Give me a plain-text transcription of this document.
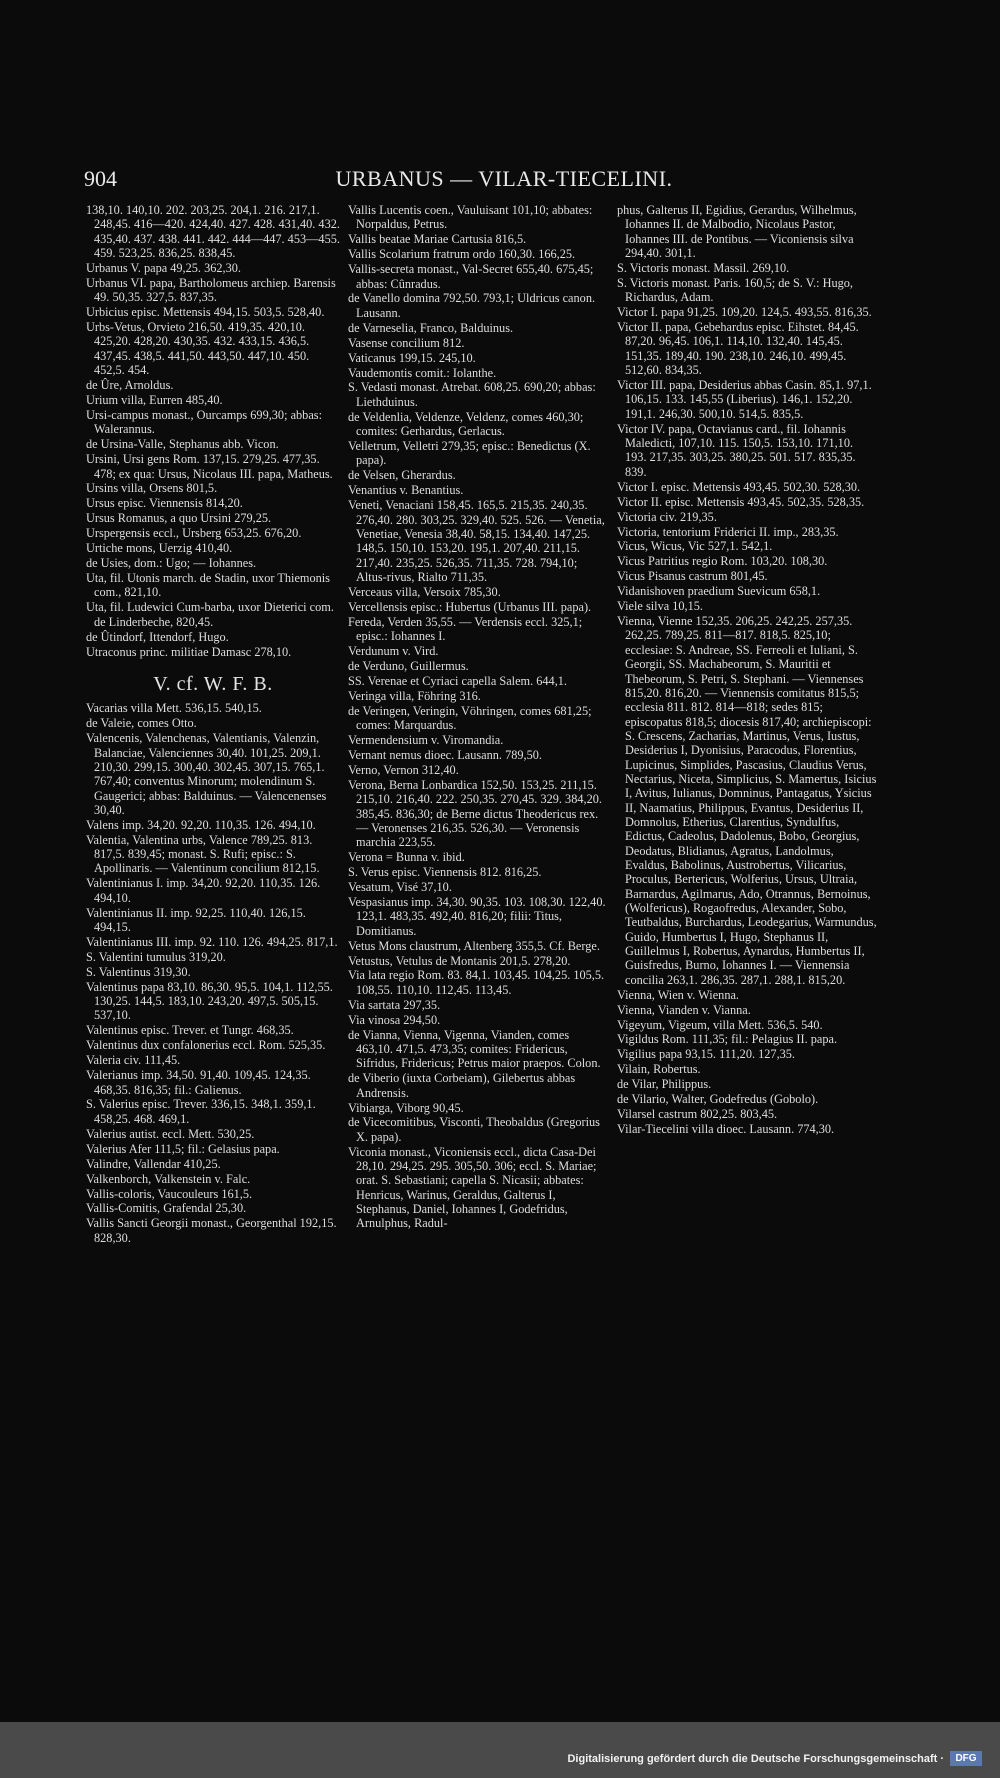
904	URBANUS — VILAR-TIECELINI.
138,10. 140,10. 202. 203,25. 204,1. 216. 217,1. 248,45. 416—420. 424,40. 427. 428. 431,40. 432. 435,40. 437. 438. 441. 442. 444—447. 453—455. 459. 523,25. 836,25. 838,45.
Urbanus V. papa 49,25. 362,30.
Urbanus VI. papa, Bartholomeus archiep. Barensis 49. 50,35. 327,5. 837,35.
Urbicius episc. Mettensis 494,15. 503,5. 528,40.
Urbs-Vetus, Orvieto 216,50. 419,35. 420,10. 425,20. 428,20. 430,35. 432. 433,15. 436,5. 437,45. 438,5. 441,50. 443,50. 447,10. 450. 452,5. 454.
de Ûre, Arnoldus.
Urium villa, Eurren 485,40.
Ursi-campus monast., Ourcamps 699,30; abbas: Walerannus.
de Ursina-Valle, Stephanus abb. Vicon.
Ursini, Ursi gens Rom. 137,15. 279,25. 477,35. 478; ex qua: Ursus, Nicolaus III. papa, Matheus.
Ursins villa, Orsens 801,5.
Ursus episc. Viennensis 814,20.
Ursus Romanus, a quo Ursini 279,25.
Urspergensis eccl., Ursberg 653,25. 676,20.
Urtiche mons, Uerzig 410,40.
de Usies, dom.: Ugo; — Iohannes.
Uta, fil. Utonis march. de Stadin, uxor Thiemonis com., 821,10.
Uta, fil. Ludewici Cum-barba, uxor Dieterici com. de Linderbeche, 820,45.
de Ûtindorf, Ittendorf, Hugo.
Utraconus princ. militiae Damasc 278,10.
V. cf. W. F. B.
Vacarias villa Mett. 536,15. 540,15.
de Valeie, comes Otto.
Valencenis, Valenchenas, Valentianis, Valenzin, Balanciae, Valenciennes 30,40. 101,25. 209,1. 210,30. 299,15. 300,40. 302,45. 307,15. 765,1. 767,40; conventus Minorum; molendinum S. Gaugerici; abbas: Balduinus. — Valencenenses 30,40.
Valens imp. 34,20. 92,20. 110,35. 126. 494,10.
Valentia, Valentina urbs, Valence 789,25. 813. 817,5. 839,45; monast. S. Rufi; episc.: S. Apollinaris. — Valentinum concilium 812,15.
Valentinianus I. imp. 34,20. 92,20. 110,35. 126. 494,10.
Valentinianus II. imp. 92,25. 110,40. 126,15. 494,15.
Valentinianus III. imp. 92. 110. 126. 494,25. 817,1.
S. Valentini tumulus 319,20.
S. Valentinus 319,30.
Valentinus papa 83,10. 86,30. 95,5. 104,1. 112,55. 130,25. 144,5. 183,10. 243,20. 497,5. 505,15. 537,10.
Valentinus episc. Trever. et Tungr. 468,35.
Valentinus dux confalonerius eccl. Rom. 525,35.
Valeria civ. 111,45.
Valerianus imp. 34,50. 91,40. 109,45. 124,35. 468,35. 816,35; fil.: Galienus.
S. Valerius episc. Trever. 336,15. 348,1. 359,1. 458,25. 468. 469,1.
Valerius autist. eccl. Mett. 530,25.
Valerius Afer 111,5; fil.: Gelasius papa.
Valindre, Vallendar 410,25.
Valkenborch, Valkenstein v. Falc.
Vallis-coloris, Vaucouleurs 161,5.
Vallis-Comitis, Grafendal 25,30.
Vallis Sancti Georgii monast., Georgenthal 192,15. 828,30.
Vallis Lucentis coen., Vauluisant 101,10; abbates: Norpaldus, Petrus.
Vallis beatae Mariae Cartusia 816,5.
Vallis Scolarium fratrum ordo 160,30. 166,25.
Vallis-secreta monast., Val-Secret 655,40. 675,45; abbas: Cûnradus.
de Vanello domina 792,50. 793,1; Uldricus canon. Lausann.
de Varneselia, Franco, Balduinus.
Vasense concilium 812.
Vaticanus 199,15. 245,10.
Vaudemontis comit.: Iolanthe.
S. Vedasti monast. Atrebat. 608,25. 690,20; abbas: Liethduinus.
de Veldenlia, Veldenze, Veldenz, comes 460,30; comites: Gerhardus, Gerlacus.
Velletrum, Velletri 279,35; episc.: Benedictus (X. papa).
de Velsen, Gherardus.
Venantius v. Benantius.
Veneti, Venaciani 158,45. 165,5. 215,35. 240,35. 276,40. 280. 303,25. 329,40. 525. 526. — Venetia, Venetiae, Venesia 38,40. 58,15. 134,40. 147,25. 148,5. 150,10. 153,20. 195,1. 207,40. 211,15. 217,40. 235,25. 526,35. 711,35. 728. 794,10; Altus-rivus, Rialto 711,35.
Verceaus villa, Versoix 785,30.
Vercellensis episc.: Hubertus (Urbanus III. papa).
Fereda, Verden 35,55. — Verdensis eccl. 325,1; episc.: Iohannes I.
Verdunum v. Vird.
de Verduno, Guillermus.
SS. Verenae et Cyriaci capella Salem. 644,1.
Veringa villa, Föhring 316.
de Veringen, Veringin, Vöhringen, comes 681,25; comes: Marquardus.
Vermendensium v. Viromandia.
Vernant nemus dioec. Lausann. 789,50.
Verno, Vernon 312,40.
Verona, Berna Lonbardica 152,50. 153,25. 211,15. 215,10. 216,40. 222. 250,35. 270,45. 329. 384,20. 385,45. 836,30; de Berne dictus Theodericus rex. — Veronenses 216,35. 526,30. — Veronensis marchia 223,55.
Verona = Bunna v. ibid.
S. Verus episc. Viennensis 812. 816,25.
Vesatum, Visé 37,10.
Vespasianus imp. 34,30. 90,35. 103. 108,30. 122,40. 123,1. 483,35. 492,40. 816,20; filii: Titus, Domitianus.
Vetus Mons claustrum, Altenberg 355,5. Cf. Berge.
Vetustus, Vetulus de Montanis 201,5. 278,20.
Via lata regio Rom. 83. 84,1. 103,45. 104,25. 105,5. 108,55. 110,10. 112,45. 113,45.
Via sartata 297,35.
Via vinosa 294,50.
de Vianna, Vienna, Vigenna, Vianden, comes 463,10. 471,5. 473,35; comites: Fridericus, Sifridus, Fridericus; Petrus maior praepos. Colon.
de Viberio (iuxta Corbeiam), Gilebertus abbas Andrensis.
Vibiarga, Viborg 90,45.
de Vicecomitibus, Visconti, Theobaldus (Gregorius X. papa).
Viconia monast., Viconiensis eccl., dicta Casa-Dei 28,10. 294,25. 295. 305,50. 306; eccl. S. Mariae; orat. S. Sebastiani; capella S. Nicasii; abbates: Henricus, Warinus, Geraldus, Galterus I, Stephanus, Daniel, Iohannes I, Godefridus, Arnulphus, Radul-
phus, Galterus II, Egidius, Gerardus, Wilhelmus, Iohannes II. de Malbodio, Nicolaus Pastor, Iohannes III. de Pontibus. — Viconiensis silva 294,40. 301,1.
S. Victoris monast. Massil. 269,10.
S. Victoris monast. Paris. 160,5; de S. V.: Hugo, Richardus, Adam.
Victor I. papa 91,25. 109,20. 124,5. 493,55. 816,35.
Victor II. papa, Gebehardus episc. Eihstet. 84,45. 87,20. 96,45. 106,1. 114,10. 132,40. 145,45. 151,35. 189,40. 190. 238,10. 246,10. 499,45. 512,60. 834,35.
Victor III. papa, Desiderius abbas Casin. 85,1. 97,1. 106,15. 133. 145,55 (Liberius). 146,1. 152,20. 191,1. 246,30. 500,10. 514,5. 835,5.
Victor IV. papa, Octavianus card., fil. Iohannis Maledicti, 107,10. 115. 150,5. 153,10. 171,10. 193. 217,35. 303,25. 380,25. 501. 517. 835,35. 839.
Victor I. episc. Mettensis 493,45. 502,30. 528,30.
Victor II. episc. Mettensis 493,45. 502,35. 528,35.
Victoria civ. 219,35.
Victoria, tentorium Friderici II. imp., 283,35.
Vicus, Wicus, Vic 527,1. 542,1.
Vicus Patritius regio Rom. 103,20. 108,30.
Vicus Pisanus castrum 801,45.
Vidanishoven praedium Suevicum 658,1.
Viele silva 10,15.
Vienna, Vienne 152,35. 206,25. 242,25. 257,35. 262,25. 789,25. 811—817. 818,5. 825,10; ecclesiae: S. Andreae, SS. Ferreoli et Iuliani, S. Georgii, SS. Machabeorum, S. Mauritii et Thebeorum, S. Petri, S. Stephani. — Viennenses 815,20. 816,20. — Viennensis comitatus 815,5; ecclesia 811. 812. 814—818; sedes 815; episcopatus 818,5; diocesis 817,40; archiepiscopi: S. Crescens, Zacharias, Martinus, Verus, Iustus, Desiderius I, Dyonisius, Paracodus, Florentius, Lupicinus, Simplides, Pascasius, Claudius Verus, Nectarius, Niceta, Simplicius, S. Mamertus, Isicius I, Avitus, Iulianus, Domninus, Pantagatus, Ysicius II, Naamatius, Philippus, Evantus, Desiderius II, Domnolus, Etherius, Clarentius, Syndulfus, Edictus, Cadeolus, Dadolenus, Bobo, Georgius, Deodatus, Blidianus, Agratus, Landolmus, Evaldus, Babolinus, Austrobertus, Vilicarius, Proculus, Bertericus, Wolferius, Ursus, Ultraia, Barnardus, Agilmarus, Ado, Otrannus, Bernoinus, (Wolfericus), Rogaofredus, Alexander, Sobo, Teutbaldus, Burchardus, Leodegarius, Warmundus, Guido, Humbertus I, Hugo, Stephanus II, Guillelmus I, Robertus, Aynardus, Humbertus II, Guisfredus, Burno, Iohannes I. — Viennensia concilia 263,1. 286,35. 287,1. 288,1. 815,20.
Vienna, Wien v. Wienna.
Vienna, Vianden v. Vianna.
Vigeyum, Vigeum, villa Mett. 536,5. 540.
Vigildus Rom. 111,35; fil.: Pelagius II. papa.
Vigilius papa 93,15. 111,20. 127,35.
Vilain, Robertus.
de Vilar, Philippus.
de Vilario, Walter, Godefredus (Gobolo).
Vilarsel castrum 802,25. 803,45.
Vilar-Tiecelini villa dioec. Lausann. 774,30.
Digitalisierung gefördert durch die Deutsche Forschungsgemeinschaft ·	DFG
